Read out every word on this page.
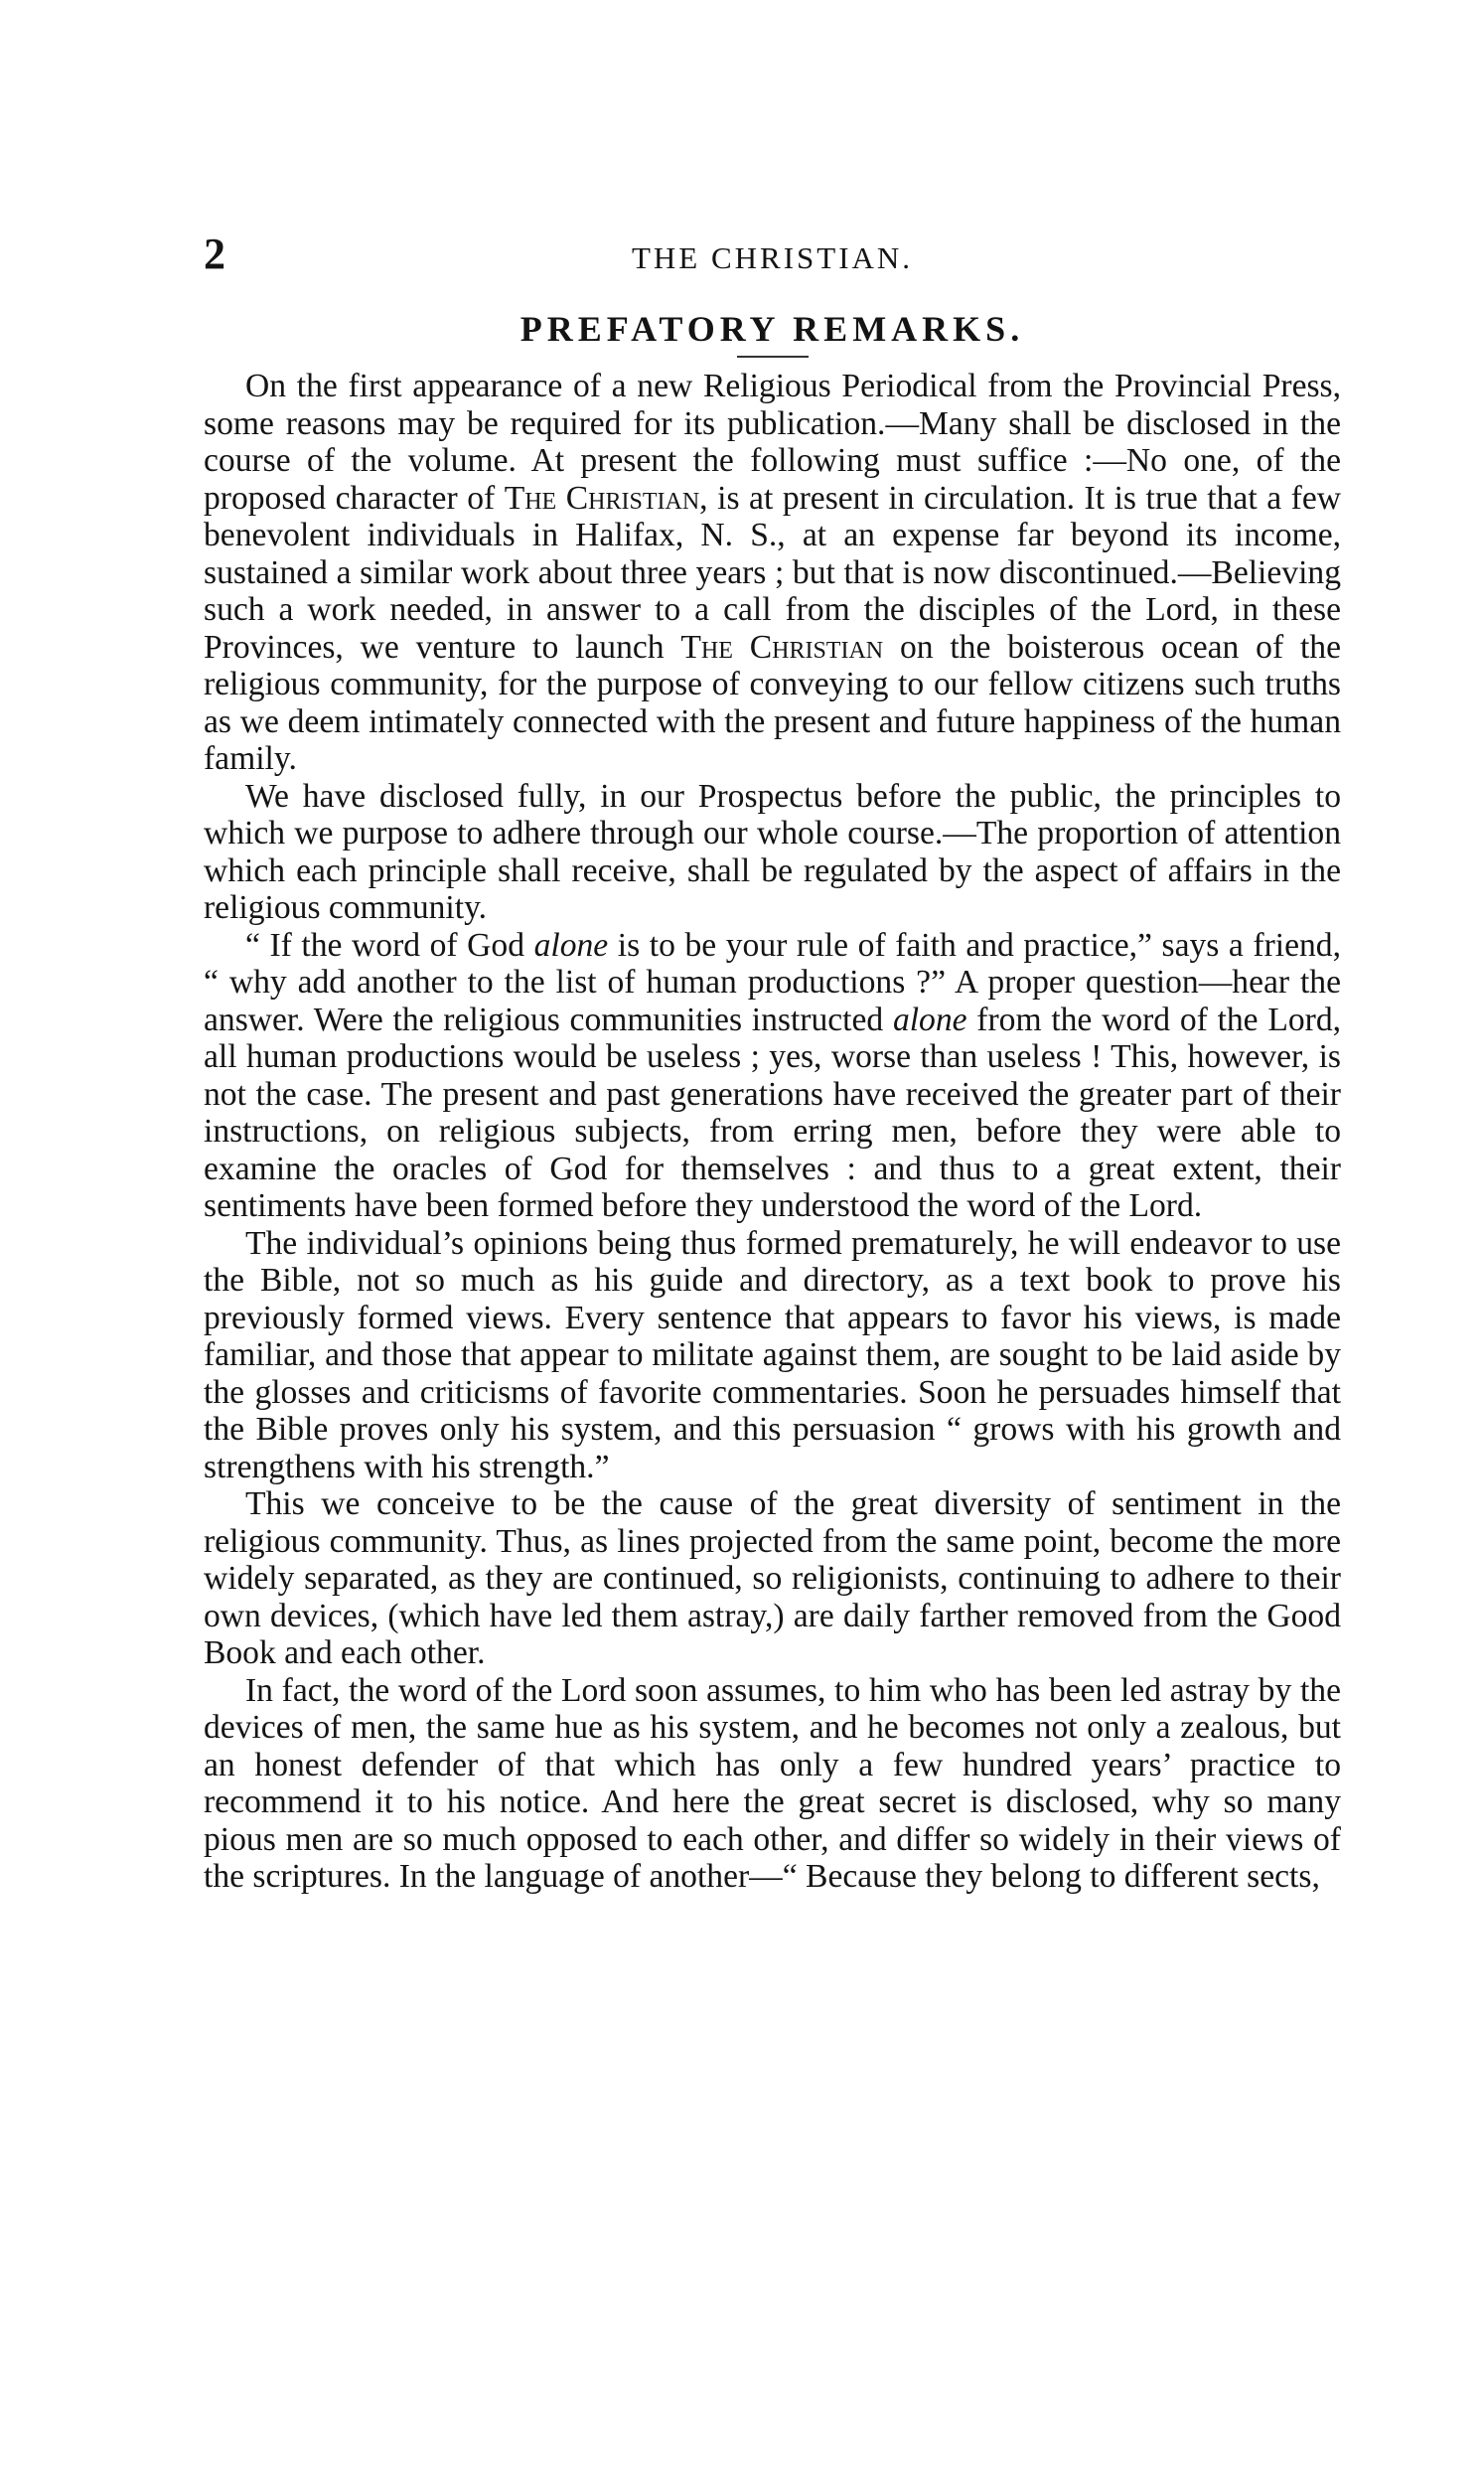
2	THE CHRISTIAN.
PREFATORY REMARKS.

On the first appearance of a new Religious Periodical from the Provincial Press, some reasons may be required for its publication.—Many shall be disclosed in the course of the volume. At present the following must suffice :—No one, of the proposed character of The Christian, is at present in circulation. It is true that a few benevolent individuals in Halifax, N. S., at an expense far beyond its income, sustained a similar work about three years ; but that is now discontinued.—Believing such a work needed, in answer to a call from the disciples of the Lord, in these Provinces, we venture to launch The Christian on the boisterous ocean of the religious community, for the purpose of conveying to our fellow citizens such truths as we deem intimately connected with the present and future happiness of the human family.

We have disclosed fully, in our Prospectus before the public, the principles to which we purpose to adhere through our whole course.—The proportion of attention which each principle shall receive, shall be regulated by the aspect of affairs in the religious community.

“ If the word of God alone is to be your rule of faith and practice,” says a friend, “ why add another to the list of human productions ?” A proper question—hear the answer. Were the religious communities instructed alone from the word of the Lord, all human productions would be useless ; yes, worse than useless ! This, however, is not the case. The present and past generations have received the greater part of their instructions, on religious subjects, from erring men, before they were able to examine the oracles of God for themselves : and thus to a great extent, their sentiments have been formed before they understood the word of the Lord.

The individual’s opinions being thus formed prematurely, he will endeavor to use the Bible, not so much as his guide and directory, as a text book to prove his previously formed views. Every sentence that appears to favor his views, is made familiar, and those that appear to militate against them, are sought to be laid aside by the glosses and criticisms of favorite commentaries. Soon he persuades himself that the Bible proves only his system, and this persuasion “ grows with his growth and strengthens with his strength.”

This we conceive to be the cause of the great diversity of sentiment in the religious community. Thus, as lines projected from the same point, become the more widely separated, as they are continued, so religionists, continuing to adhere to their own devices, (which have led them astray,) are daily farther removed from the Good Book and each other.

In fact, the word of the Lord soon assumes, to him who has been led astray by the devices of men, the same hue as his system, and he becomes not only a zealous, but an honest defender of that which has only a few hundred years’ practice to recommend it to his notice. And here the great secret is disclosed, why so many pious men are so much opposed to each other, and differ so widely in their views of the scriptures. In the language of another—“ Because they belong to different sects,
